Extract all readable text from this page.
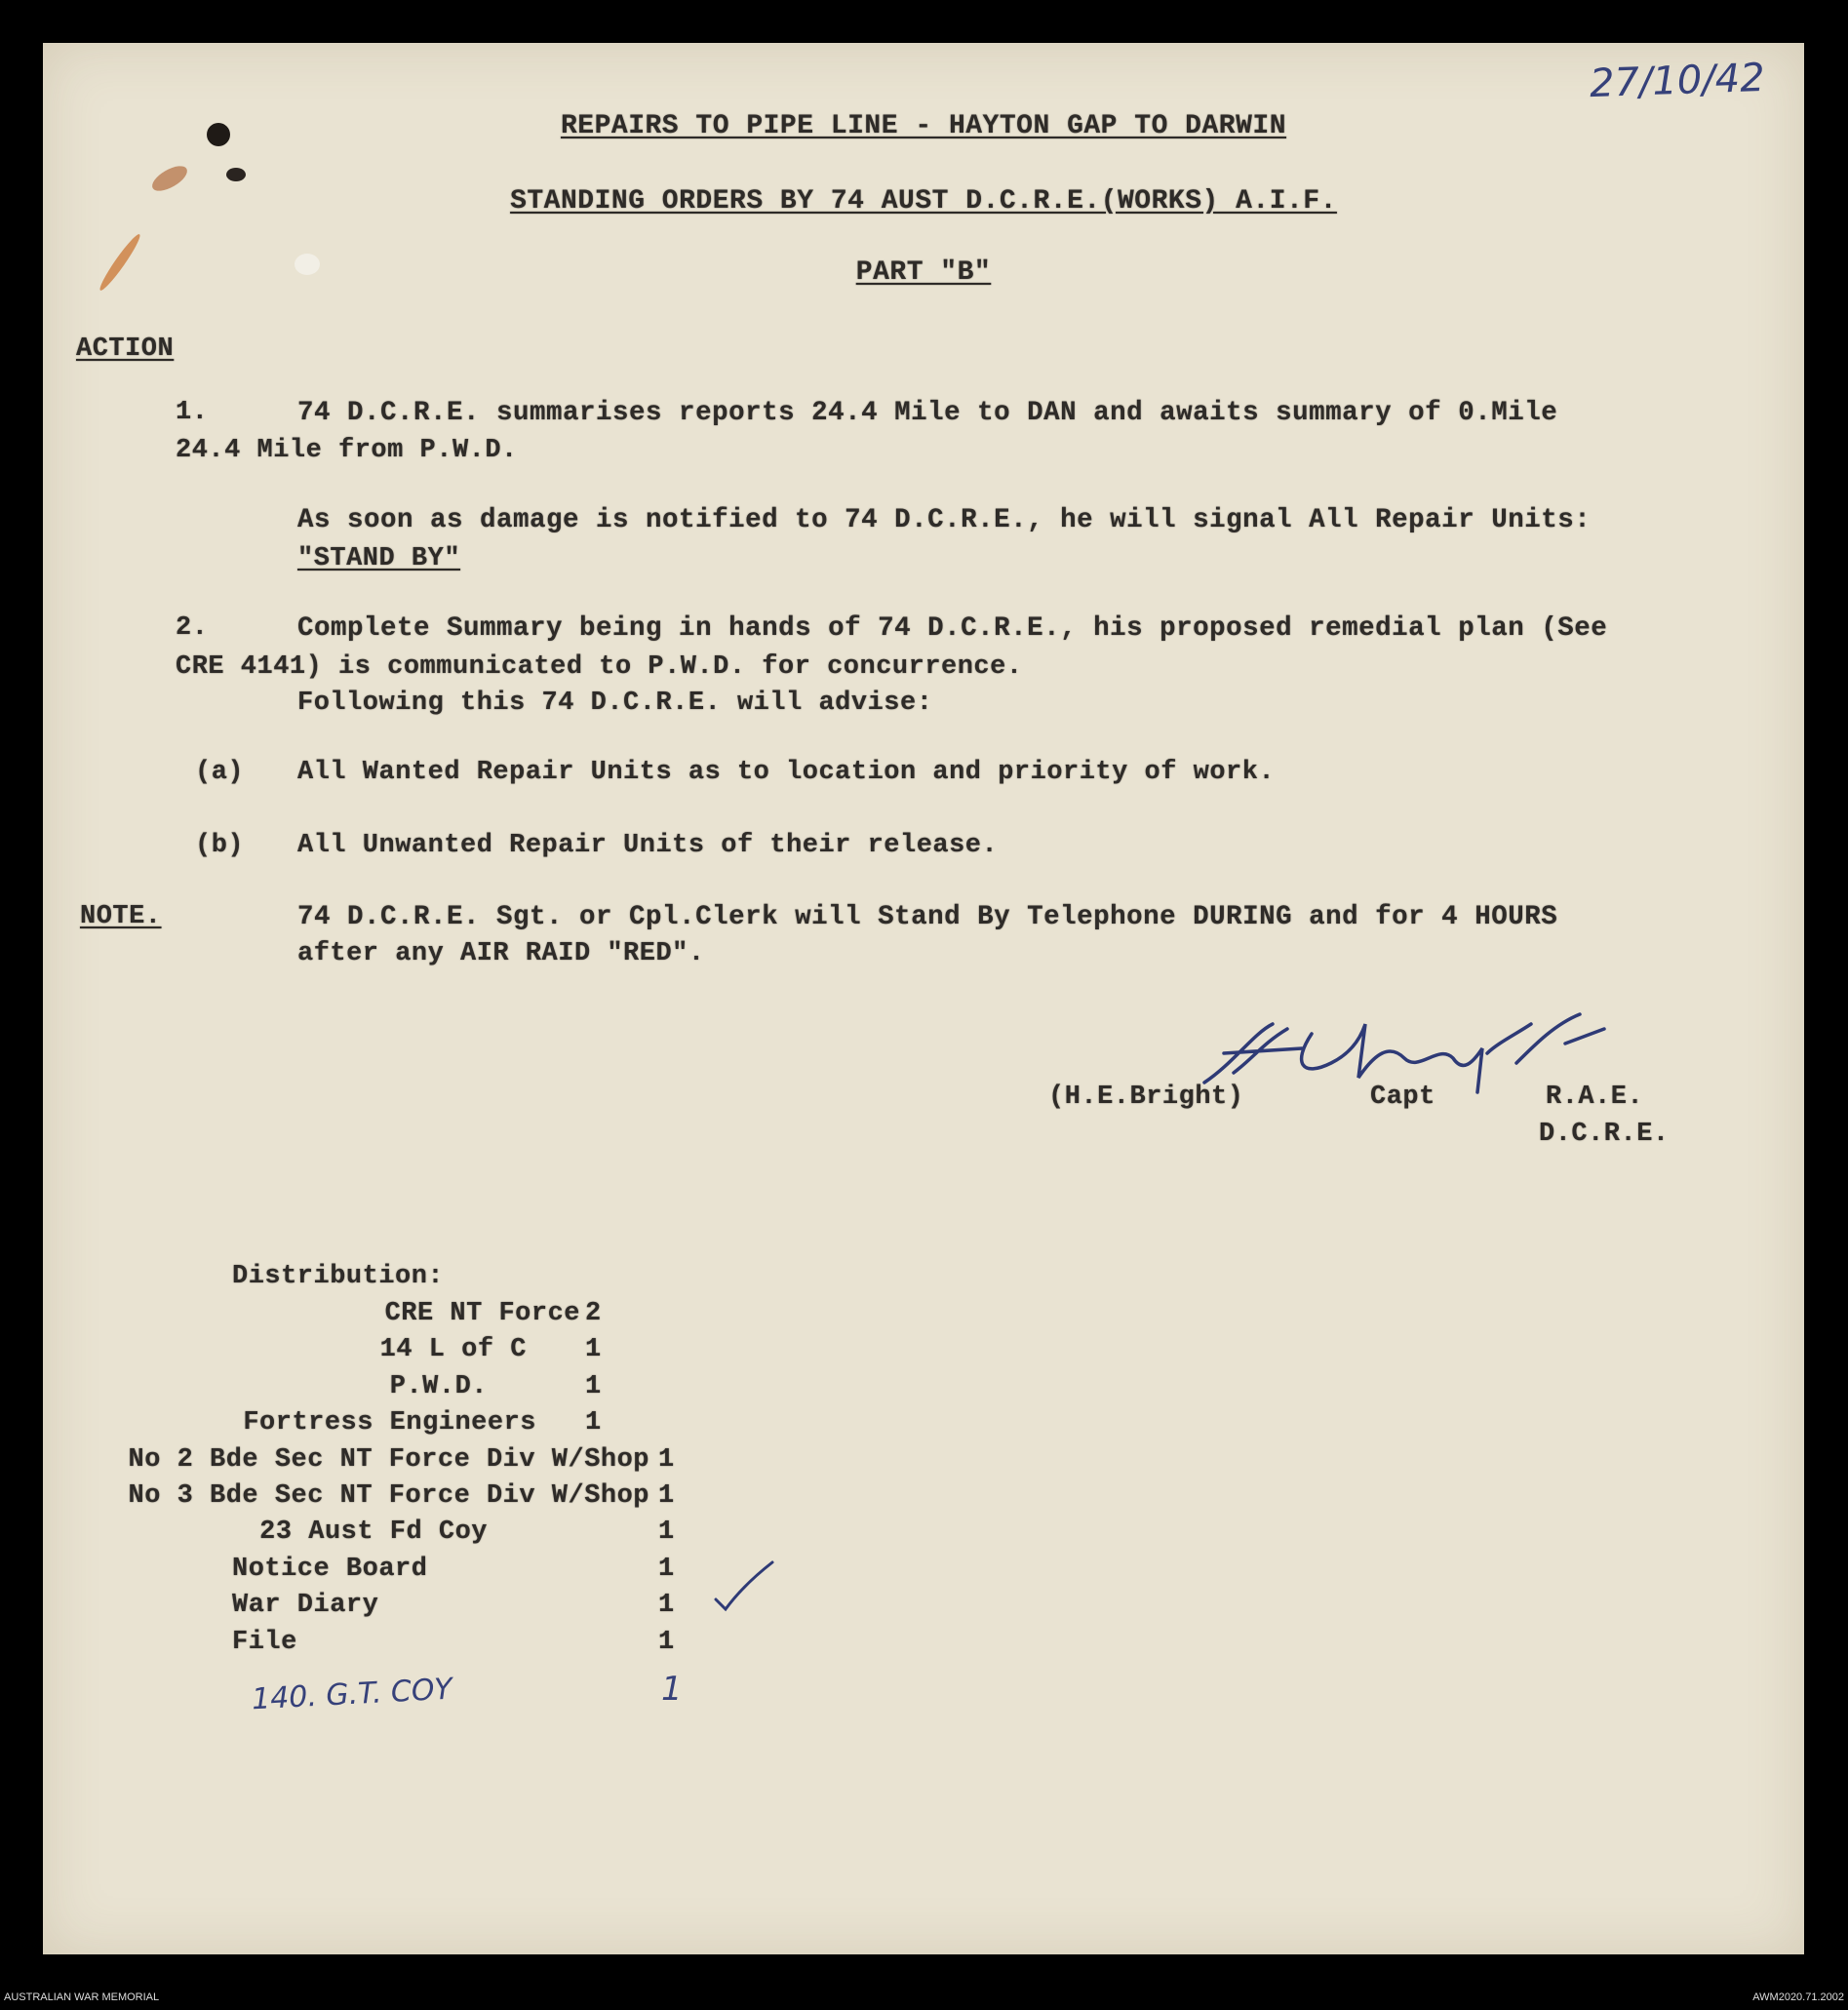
27/10/42
REPAIRS TO PIPE LINE - HAYTON GAP TO DARWIN
STANDING ORDERS BY 74 AUST D.C.R.E.(WORKS) A.I.F.
PART "B"
ACTION
1.	74 D.C.R.E. summarises reports 24.4 Mile to DAN and awaits summary of 0.Mile
24.4 Mile from P.W.D.
As soon as damage is notified to 74 D.C.R.E., he will signal All Repair Units:
"STAND BY"
2.	Complete Summary being in hands of 74 D.C.R.E., his proposed remedial plan (See
CRE 4141) is communicated to P.W.D. for concurrence.
Following this 74 D.C.R.E. will advise:
(a) All Wanted Repair Units as to location and priority of work.
(b) All Unwanted Repair Units of their release.
NOTE.	74 D.C.R.E. Sgt. or Cpl.Clerk will Stand By Telephone DURING and for 4 HOURS
after any AIR RAID "RED".
(H.E.Bright)	Capt	R.A.E.
D.C.R.E.
Distribution:
CRE NT Force 2
14 L of C 1
P.W.D.	1
Fortress Engineers 1
No 2 Bde Sec NT Force Div W/Shop 1
No 3 Bde Sec NT Force Div W/Shop 1
23 Aust Fd Coy	1
Notice Board	1
War Diary	1
File	1
140. G.T. COY	1
AUSTRALIAN WAR MEMORIAL	AWM2020.71.2002
